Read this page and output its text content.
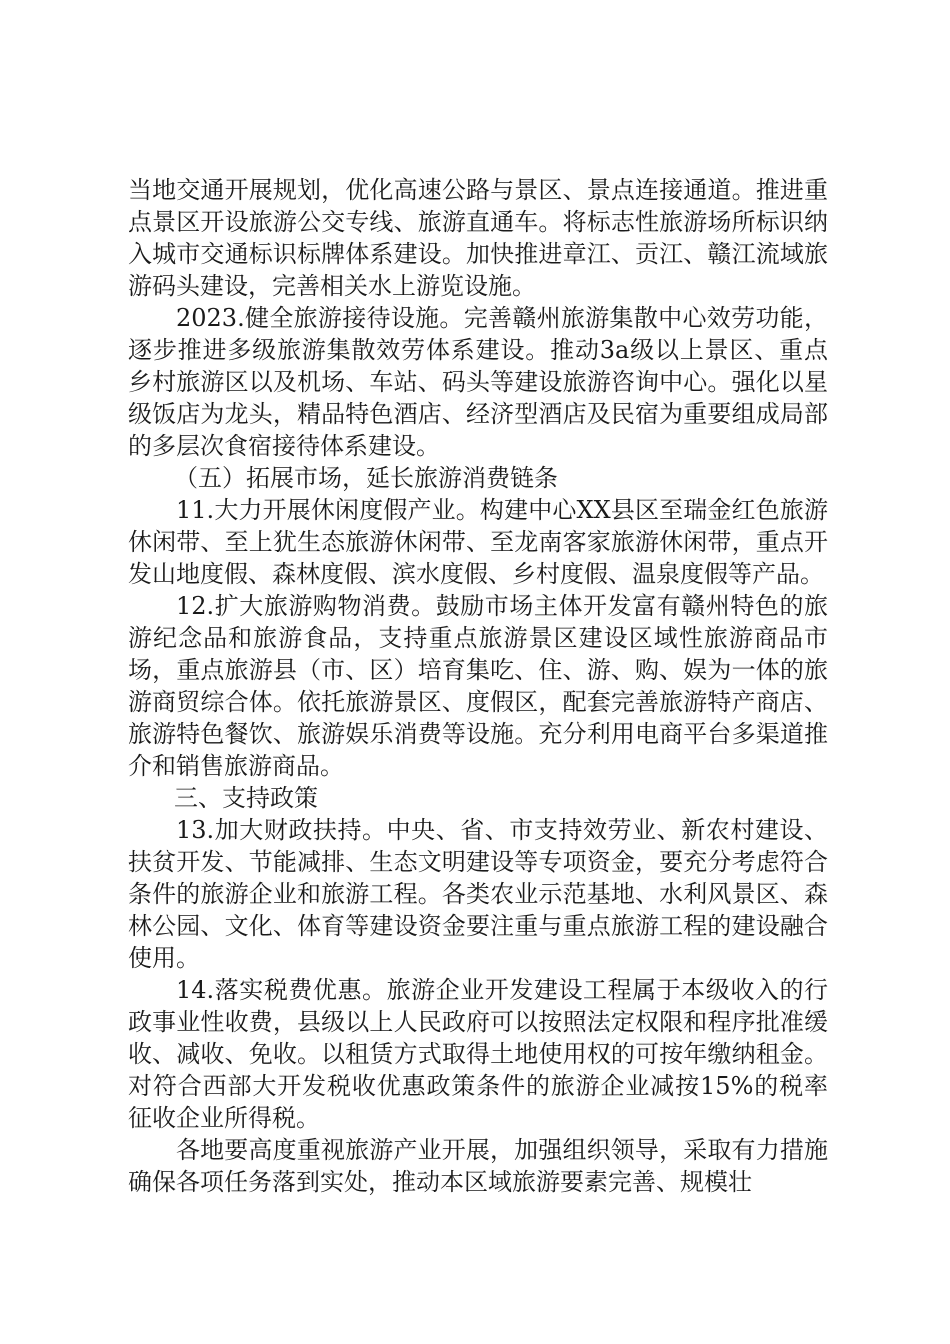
当地交通开展规划，优化高速公路与景区、景点连接通道。推进重点景区开设旅游公交专线、旅游直通车。将标志性旅游场所标识纳入城市交通标识标牌体系建设。加快推进章江、贡江、赣江流域旅游码头建设，完善相关水上游览设施。

2023.健全旅游接待设施。完善赣州旅游集散中心效劳功能，逐步推进多级旅游集散效劳体系建设。推动3a级以上景区、重点乡村旅游区以及机场、车站、码头等建设旅游咨询中心。强化以星级饭店为龙头，精品特色酒店、经济型酒店及民宿为重要组成局部的多层次食宿接待体系建设。

（五）拓展市场，延长旅游消费链条

11.大力开展休闲度假产业。构建中心XX县区至瑞金红色旅游休闲带、至上犹生态旅游休闲带、至龙南客家旅游休闲带，重点开发山地度假、森林度假、滨水度假、乡村度假、温泉度假等产品。

12.扩大旅游购物消费。鼓励市场主体开发富有赣州特色的旅游纪念品和旅游食品，支持重点旅游景区建设区域性旅游商品市场，重点旅游县（市、区）培育集吃、住、游、购、娱为一体的旅游商贸综合体。依托旅游景区、度假区，配套完善旅游特产商店、旅游特色餐饮、旅游娱乐消费等设施。充分利用电商平台多渠道推介和销售旅游商品。

三、支持政策

13.加大财政扶持。中央、省、市支持效劳业、新农村建设、扶贫开发、节能减排、生态文明建设等专项资金，要充分考虑符合条件的旅游企业和旅游工程。各类农业示范基地、水利风景区、森林公园、文化、体育等建设资金要注重与重点旅游工程的建设融合使用。

14.落实税费优惠。旅游企业开发建设工程属于本级收入的行政事业性收费，县级以上人民政府可以按照法定权限和程序批准缓收、减收、免收。以租赁方式取得土地使用权的可按年缴纳租金。对符合西部大开发税收优惠政策条件的旅游企业减按15%的税率征收企业所得税。

各地要高度重视旅游产业开展，加强组织领导，采取有力措施确保各项任务落到实处，推动本区域旅游要素完善、规模壮
